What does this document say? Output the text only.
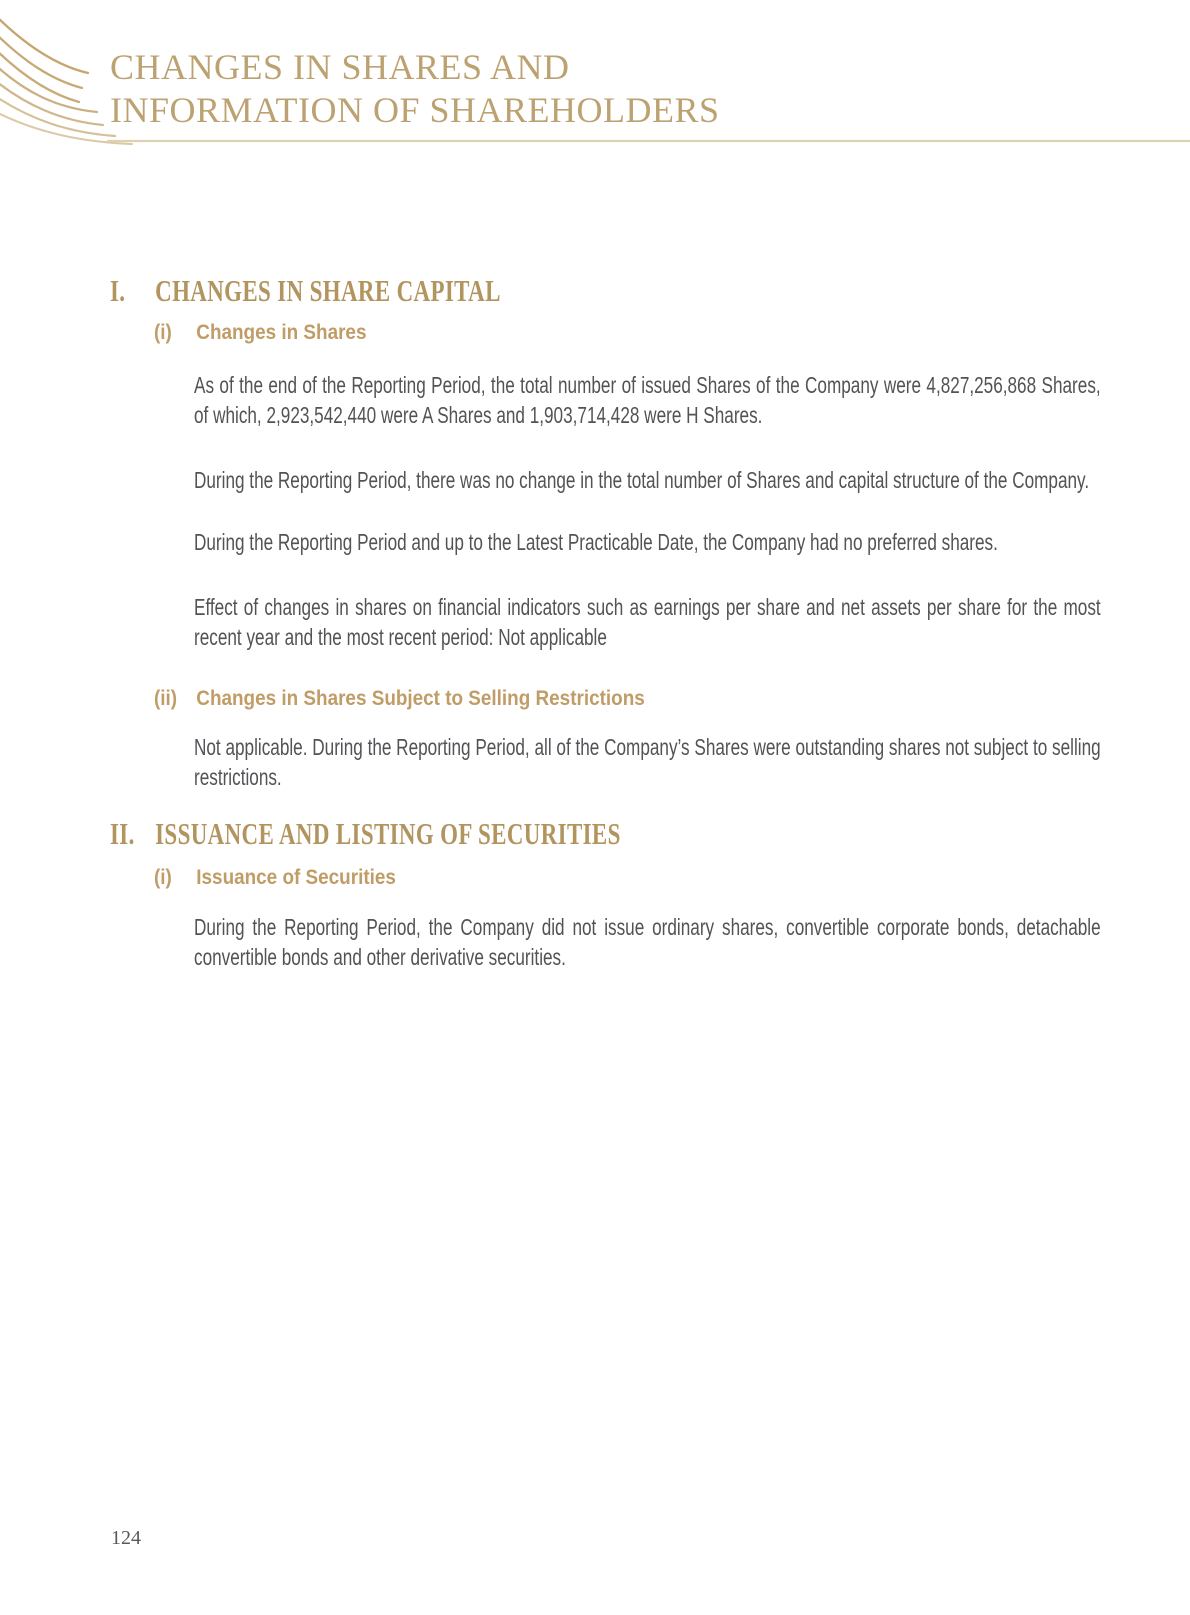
CHANGES IN SHARES AND
INFORMATION OF SHAREHOLDERS
I. CHANGES IN SHARE CAPITAL
(i) Changes in Shares
As of the end of the Reporting Period, the total number of issued Shares of the Company were 4,827,256,868 Shares, of which, 2,923,542,440 were A Shares and 1,903,714,428 were H Shares.
During the Reporting Period, there was no change in the total number of Shares and capital structure of the Company.
During the Reporting Period and up to the Latest Practicable Date, the Company had no preferred shares.
Effect of changes in shares on financial indicators such as earnings per share and net assets per share for the most recent year and the most recent period: Not applicable
(ii) Changes in Shares Subject to Selling Restrictions
Not applicable. During the Reporting Period, all of the Company’s Shares were outstanding shares not subject to selling restrictions.
II. ISSUANCE AND LISTING OF SECURITIES
(i) Issuance of Securities
During the Reporting Period, the Company did not issue ordinary shares, convertible corporate bonds, detachable convertible bonds and other derivative securities.
124
